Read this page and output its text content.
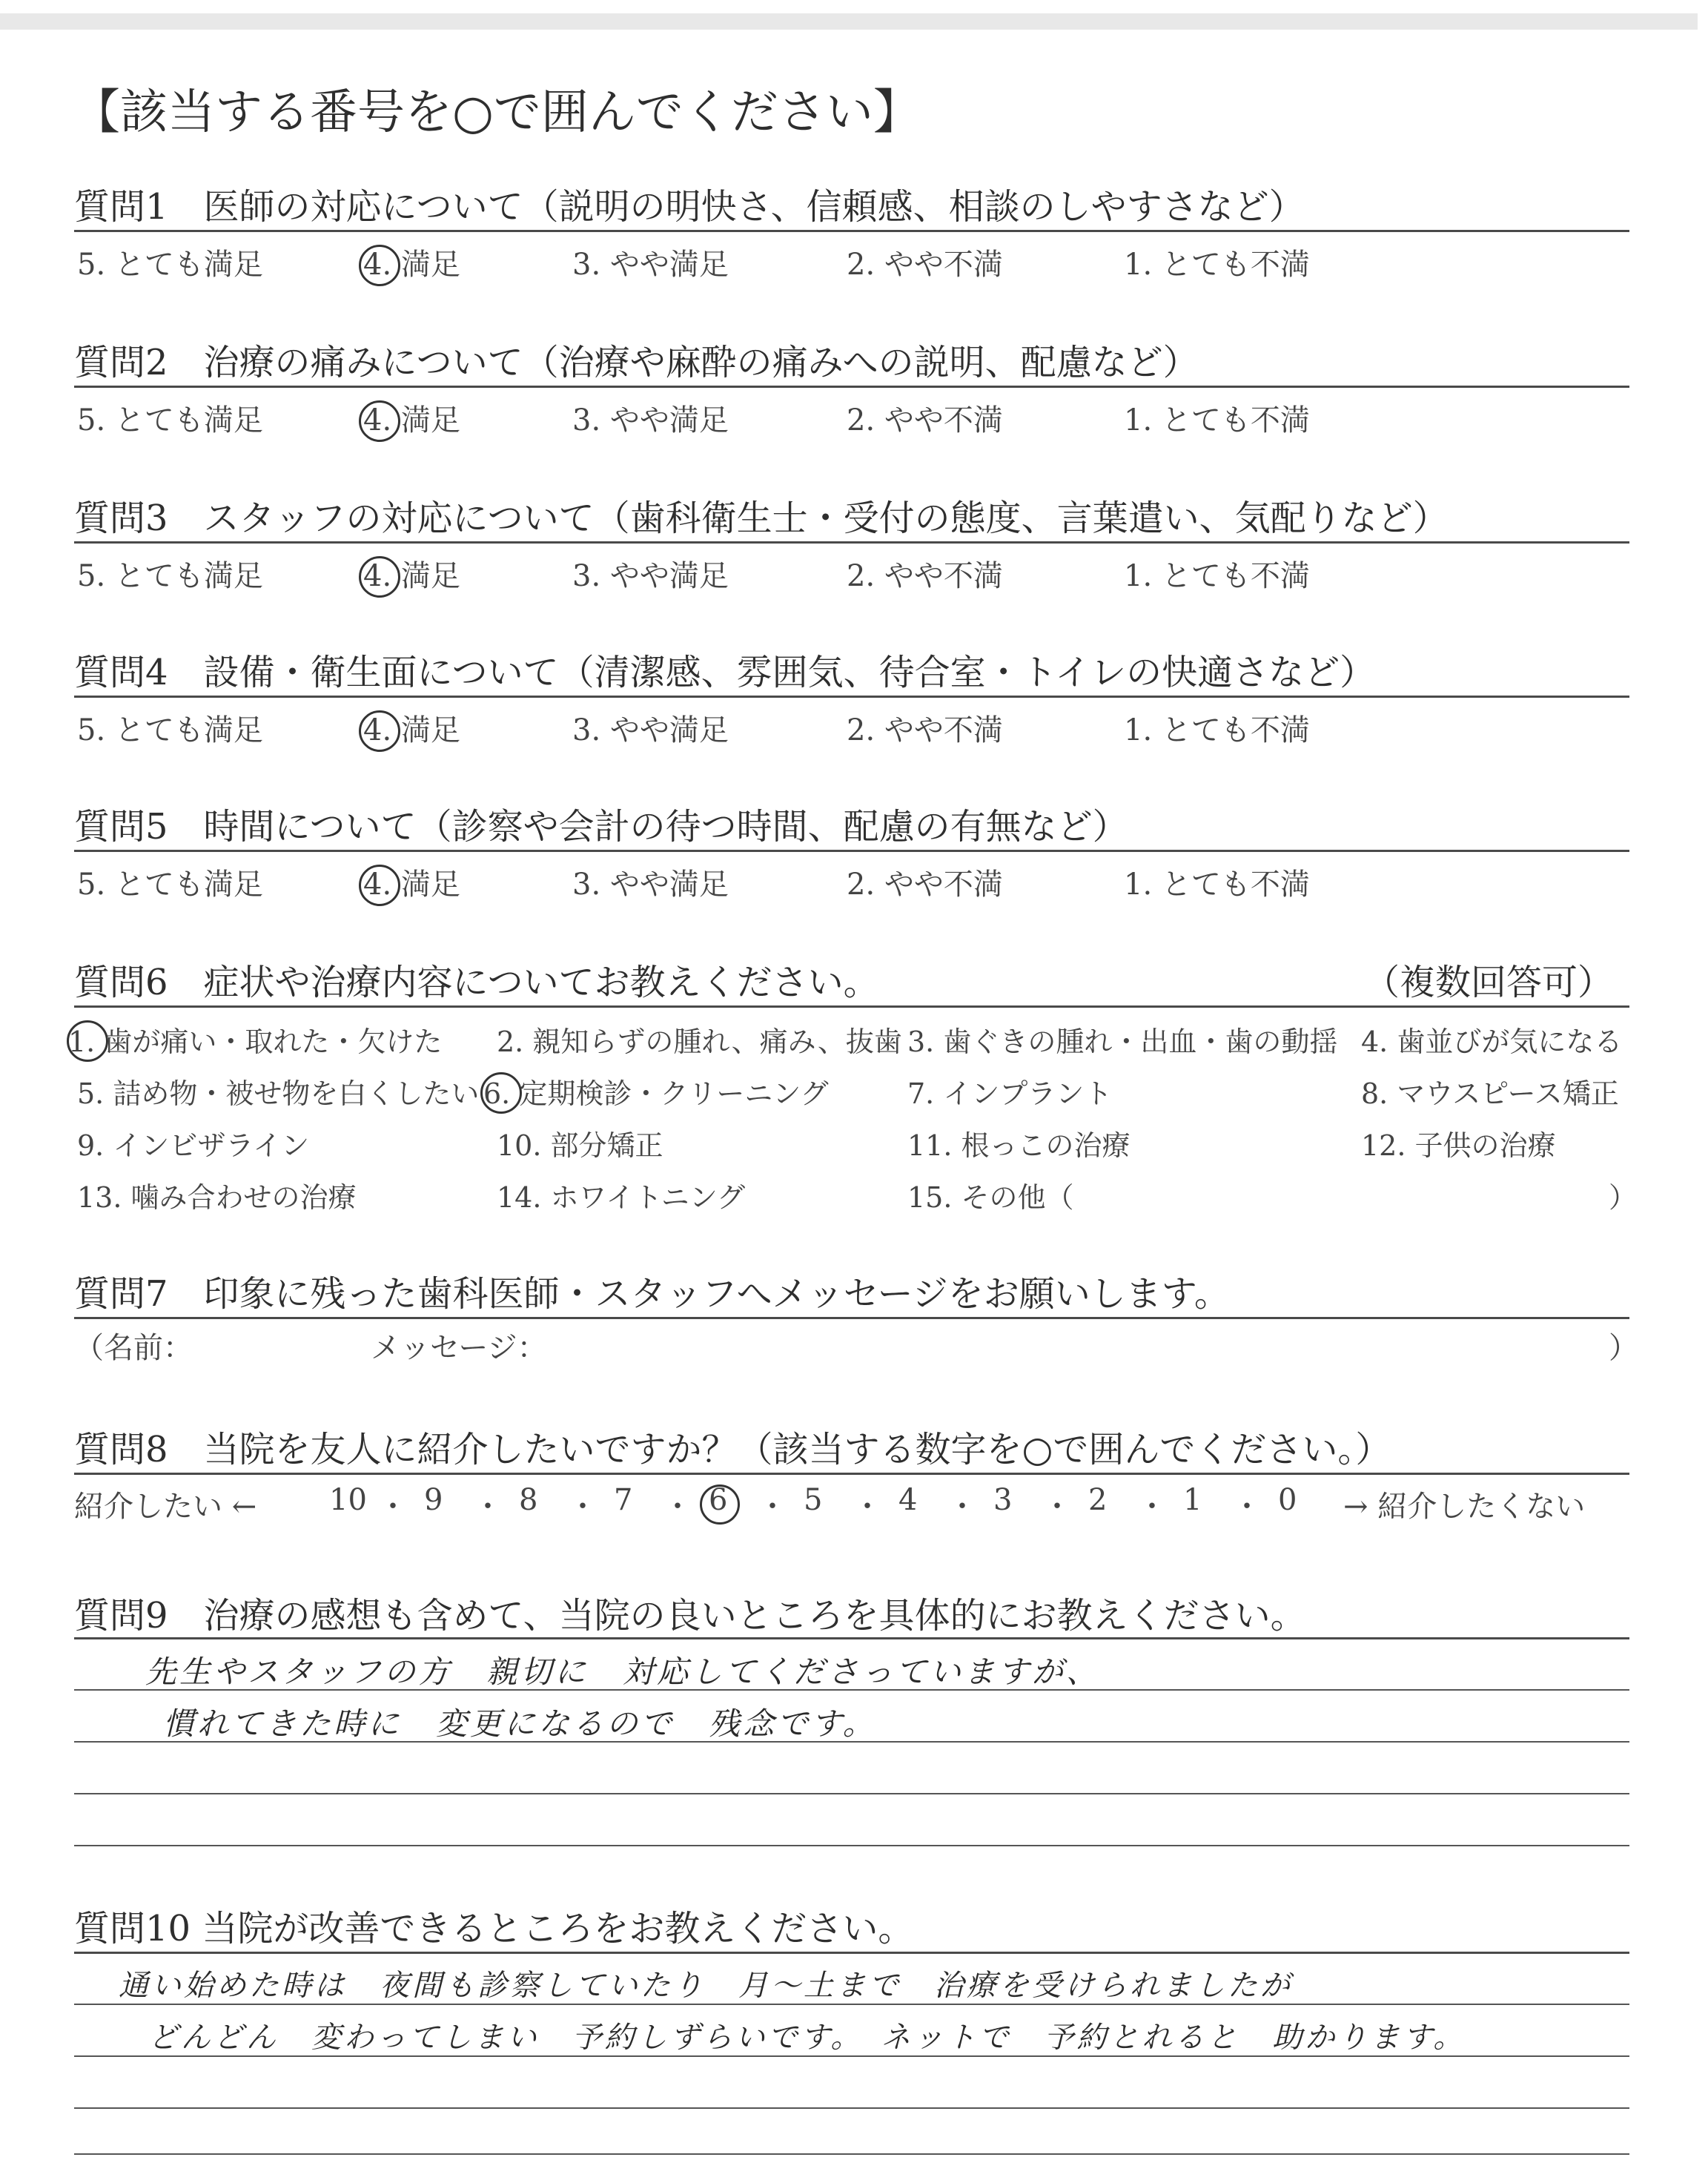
【該当する番号を○で囲んでください】
質問1　医師の対応について（説明の明快さ、信頼感、相談のしやすさなど）
5. とても満足	4. 満足	3. やや満足	2. やや不満	1. とても不満
質問2　治療の痛みについて（治療や麻酔の痛みへの説明、配慮など）
5. とても満足	4. 満足	3. やや満足	2. やや不満	1. とても不満
質問3　スタッフの対応について（歯科衛生士・受付の態度、言葉遣い、気配りなど）
5. とても満足	4. 満足	3. やや満足	2. やや不満	1. とても不満
質問4　設備・衛生面について（清潔感、雰囲気、待合室・トイレの快適さなど）
5. とても満足	4. 満足	3. やや満足	2. やや不満	1. とても不満
質問5　時間について（診察や会計の待つ時間、配慮の有無など）
5. とても満足	4. 満足	3. やや満足	2. やや不満	1. とても不満
質問6　症状や治療内容についてお教えください。	（複数回答可）
1. 歯が痛い・取れた・欠けた 2. 親知らずの腫れ、痛み、抜歯 3. 歯ぐきの腫れ・出血・歯の動揺 4. 歯並びが気になる
5. 詰め物・被せ物を白くしたい 6. 定期検診・クリーニング	7. インプラント	8. マウスピース矯正
9. インビザライン	10. 部分矯正	11. 根っこの治療	12. 子供の治療
13. 噛み合わせの治療	14. ホワイトニング	15. その他（	）
質問7　印象に残った歯科医師・スタッフへメッセージをお願いします。
（名前：	メッセージ：	）
質問8　当院を友人に紹介したいですか？（該当する数字を○で囲んでください。）
紹介したい ←	→ 紹介したくない
10 ・ 9 ・ 8 ・ 7 ・ 6 ・ 5 ・ 4 ・ 3 ・ 2 ・ 1 ・ 0
質問9　治療の感想も含めて、当院の良いところを具体的にお教えください。
先生やスタッフの方　親切に　対応してくださっていますが、
慣れてきた時に　変更になるので　残念です。
質問10 当院が改善できるところをお教えください。
通い始めた時は　夜間も診察していたり　月〜土まで　治療を受けられましたが
どんどん　変わってしまい　予約しずらいです。　ネットで　予約とれると　助かります。
